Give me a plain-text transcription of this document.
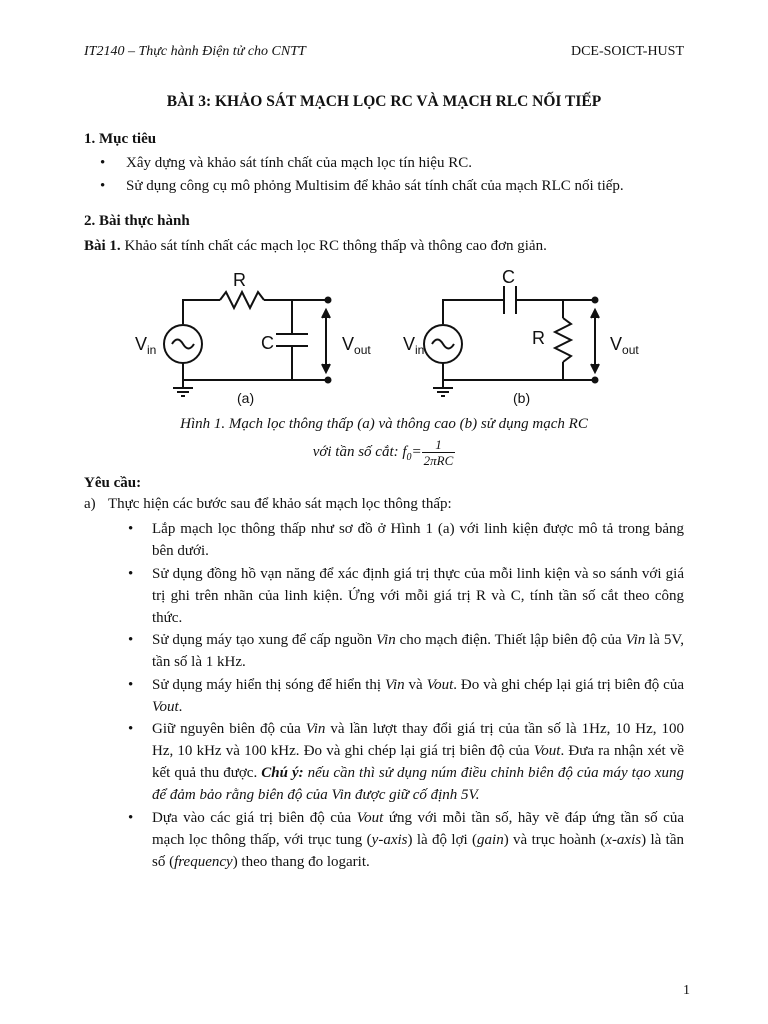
IT2140 – Thực hành Điện tử cho CNTT	DCE-SOICT-HUST
BÀI 3: KHẢO SÁT MẠCH LỌC RC VÀ MẠCH RLC NỐI TIẾP
1. Mục tiêu
• Xây dựng và khảo sát tính chất của mạch lọc tín hiệu RC.
• Sử dụng công cụ mô phỏng Multisim để khảo sát tính chất của mạch RLC nối tiếp.
2. Bài thực hành
Bài 1. Khảo sát tính chất các mạch lọc RC thông thấp và thông cao đơn giản.
R
C
$V_{in}$	$V_{out}$
(a)
C
R
$V_{in}$	$V_{out}$
(b)
Hình 1. Mạch lọc thông thấp (a) và thông cao (b) sử dụng mạch RC
với tần số cắt: $f_0= \frac{1}{\text{2πRC}}$
Yêu cầu:
a) Thực hiện các bước sau để khảo sát mạch lọc thông thấp:
• Lắp mạch lọc thông thấp như sơ đồ ở Hình 1 (a) với linh kiện được mô tả trong bảng bên dưới.
• Sử dụng đồng hồ vạn năng để xác định giá trị thực của mỗi linh kiện và so sánh với giá trị ghi trên nhãn của linh kiện. Ứng với mỗi giá trị R và C, tính tần số cắt theo công thức.
• Sử dụng máy tạo xung để cấp nguồn Vin cho mạch điện. Thiết lập biên độ của Vin là 5V, tần số là 1 kHz.
• Sử dụng máy hiển thị sóng để hiển thị Vin và Vout. Đo và ghi chép lại giá trị biên độ của Vout.
• Giữ nguyên biên độ của Vin và lần lượt thay đổi giá trị của tần số là 1Hz, 10 Hz, 100 Hz, 10 kHz và 100 kHz. Đo và ghi chép lại giá trị biên độ của Vout. Đưa ra nhận xét về kết quả thu được. Chú ý: nếu cần thì sử dụng núm điều chỉnh biên độ của máy tạo xung để đảm bảo rằng biên độ của Vin được giữ cố định 5V.
• Dựa vào các giá trị biên độ của Vout ứng với mỗi tần số, hãy vẽ đáp ứng tần số của mạch lọc thông thấp, với trục tung (y-axis) là độ lợi (gain) và trục hoành (x-axis) là tần số (frequency) theo thang đo logarit.
1
